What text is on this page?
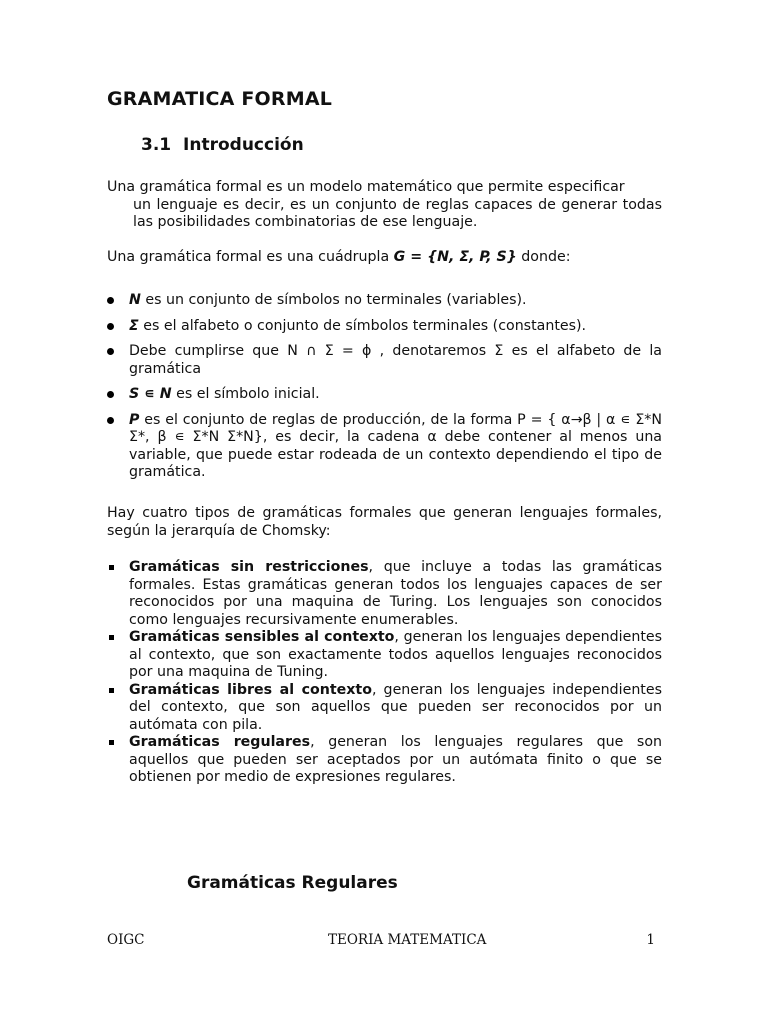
GRAMATICA FORMAL
3.1 Introducción
Una gramática formal es un modelo matemático que permite especificar
un lenguaje es decir, es un conjunto de reglas capaces de generar todas las posibilidades combinatorias de ese lenguaje.

Una gramática formal es una cuádrupla G = {N, Σ, P, S} donde:

N es un conjunto de símbolos no terminales (variables).
Σ es el alfabeto o conjunto de símbolos terminales (constantes).
Debe cumplirse que N ∩ Σ = ϕ , denotaremos Σ es el alfabeto de la gramática
S ∊ N es el símbolo inicial.
P es el conjunto de reglas de producción, de la forma P = { α→β | α ∊ Σ*N Σ*, β ∊ Σ*N Σ*N}, es decir, la cadena α debe contener al menos una variable, que puede estar rodeada de un contexto dependiendo el tipo de gramática.

Hay cuatro tipos de gramáticas formales que generan lenguajes formales, según la jerarquía de Chomsky:

Gramáticas sin restricciones, que incluye a todas las gramáticas formales. Estas gramáticas generan todos los lenguajes capaces de ser reconocidos por una maquina de Turing. Los lenguajes son conocidos como lenguajes recursivamente enumerables.
Gramáticas sensibles al contexto, generan los lenguajes dependientes al contexto, que son exactamente todos aquellos lenguajes reconocidos por una maquina de Tuning.
Gramáticas libres al contexto, generan los lenguajes independientes del contexto, que son aquellos que pueden ser reconocidos por un autómata con pila.
Gramáticas regulares, generan los lenguajes regulares que son aquellos que pueden ser aceptados por un autómata finito o que se obtienen por medio de expresiones regulares.
Gramáticas Regulares
OIGC	TEORIA MATEMATICA	1
